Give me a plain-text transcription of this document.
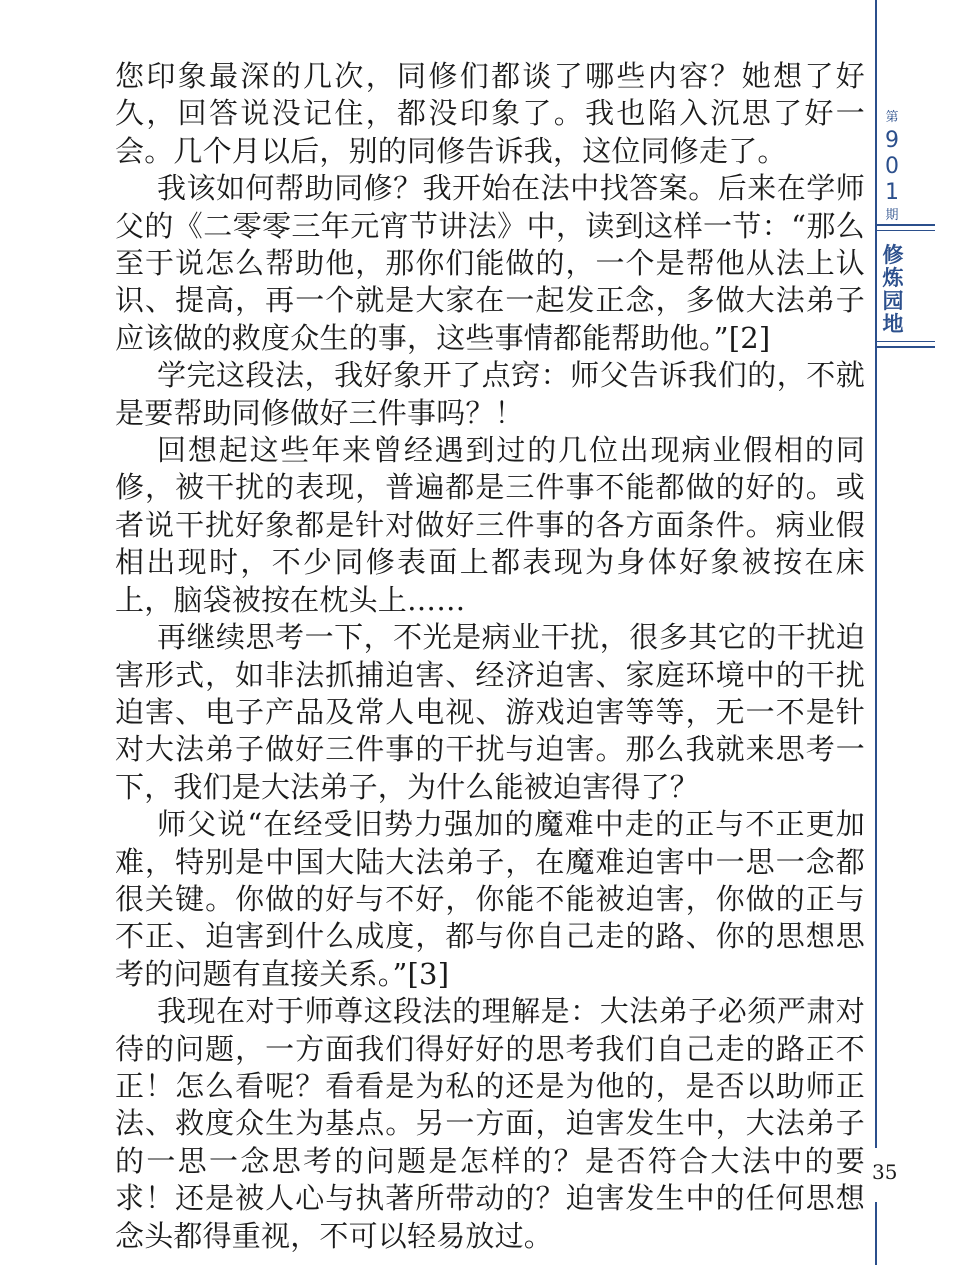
您印象最深的几次，同修们都谈了哪些内容？她想了好久，回答说没记住，都没印象了。我也陷入沉思了好一会。几个月以后，别的同修告诉我，这位同修走了。

我该如何帮助同修？我开始在法中找答案。后来在学师父的《二零零三年元宵节讲法》中，读到这样一节：“那么至于说怎么帮助他，那你们能做的，一个是帮他从法上认识、提高，再一个就是大家在一起发正念，多做大法弟子应该做的救度众生的事，这些事情都能帮助他。”[2]

学完这段法，我好象开了点窍：师父告诉我们的，不就是要帮助同修做好三件事吗？！

回想起这些年来曾经遇到过的几位出现病业假相的同修，被干扰的表现，普遍都是三件事不能都做的好的。或者说干扰好象都是针对做好三件事的各方面条件。病业假相出现时，不少同修表面上都表现为身体好象被按在床上，脑袋被按在枕头上……

再继续思考一下，不光是病业干扰，很多其它的干扰迫害形式，如非法抓捕迫害、经济迫害、家庭环境中的干扰迫害、电子产品及常人电视、游戏迫害等等，无一不是针对大法弟子做好三件事的干扰与迫害。那么我就来思考一下，我们是大法弟子，为什么能被迫害得了？

师父说“在经受旧势力强加的魔难中走的正与不正更加难，特别是中国大陆大法弟子，在魔难迫害中一思一念都很关键。你做的好与不好，你能不能被迫害，你做的正与不正、迫害到什么成度，都与你自己走的路、你的思想思考的问题有直接关系。”[3]

我现在对于师尊这段法的理解是：大法弟子必须严肃对待的问题，一方面我们得好好的思考我们自己走的路正不正！怎么看呢？看看是为私的还是为他的，是否以助师正法、救度众生为基点。另一方面，迫害发生中，大法弟子的一思一念思考的问题是怎样的？是否符合大法中的要求！还是被人心与执著所带动的？迫害发生中的任何思想念头都得重视，不可以轻易放过。

第
9
0
1
期
修
炼
园
地
35
